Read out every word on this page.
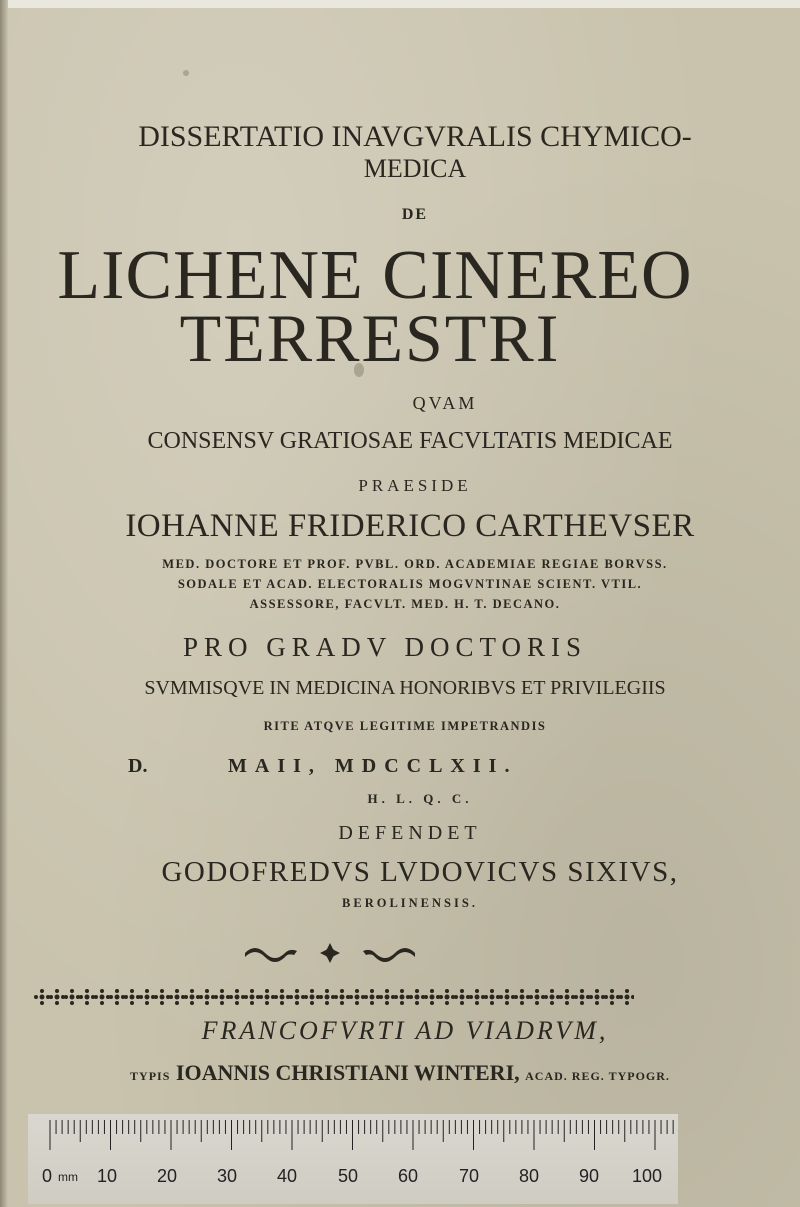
DISSERTATIO INAVGVRALIS CHYMICO-
MEDICA
DE
LICHENE CINEREO
TERRESTRI
QVAM
CONSENSV GRATIOSAE FACVLTATIS MEDICAE
PRAESIDE
IOHANNE FRIDERICO CARTHEVSER
MED. DOCTORE ET PROF. PVBL. ORD. ACADEMIAE REGIAE BORVSS.
SODALE ET ACAD. ELECTORALIS MOGVNTINAE SCIENT. VTIL.
ASSESSORE, FACVLT. MED. H. T. DECANO.
PRO GRADV DOCTORIS
SVMMISQVE IN MEDICINA HONORIBVS ET PRIVILEGIIS
RITE ATQVE LEGITIME IMPETRANDIS
D.	MAII, MDCCLXII.
H. L. Q. C.
DEFENDET
GODOFREDVS LVDOVICVS SIXIVS,
BEROLINENSIS.
FRANCOFVRTI AD VIADRVM,
TYPIS IOANNIS CHRISTIANI WINTERI, ACAD. REG. TYPOGR.
0 mm 10 20 30 40 50 60 70 80 90 100
